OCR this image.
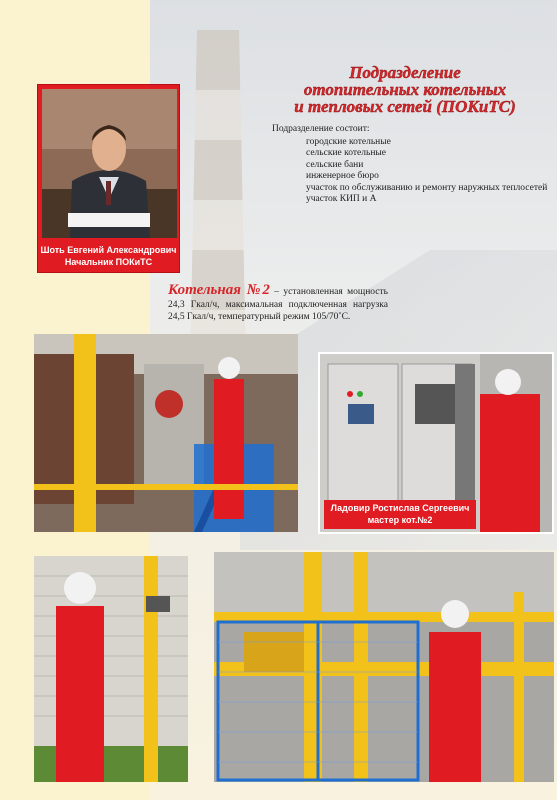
Шоть Евгений Александрович
Начальник ПОКиТС
Подразделение
отопительных котельных
и тепловых сетей (ПОКиТС)
Подразделение состоит:
городские котельные
сельские котельные
сельские бани
инженерное бюро
участок по обслуживанию и ремонту наружных теплосетей
участок КИП и А
Котельная №2 – установленная мощность 24,3 Гкал/ч, максимальная подключенная нагрузка 24,5 Гкал/ч, температурный режим 105/70˚С.
Ладовир Ростислав Сергеевич
мастер кот.№2
